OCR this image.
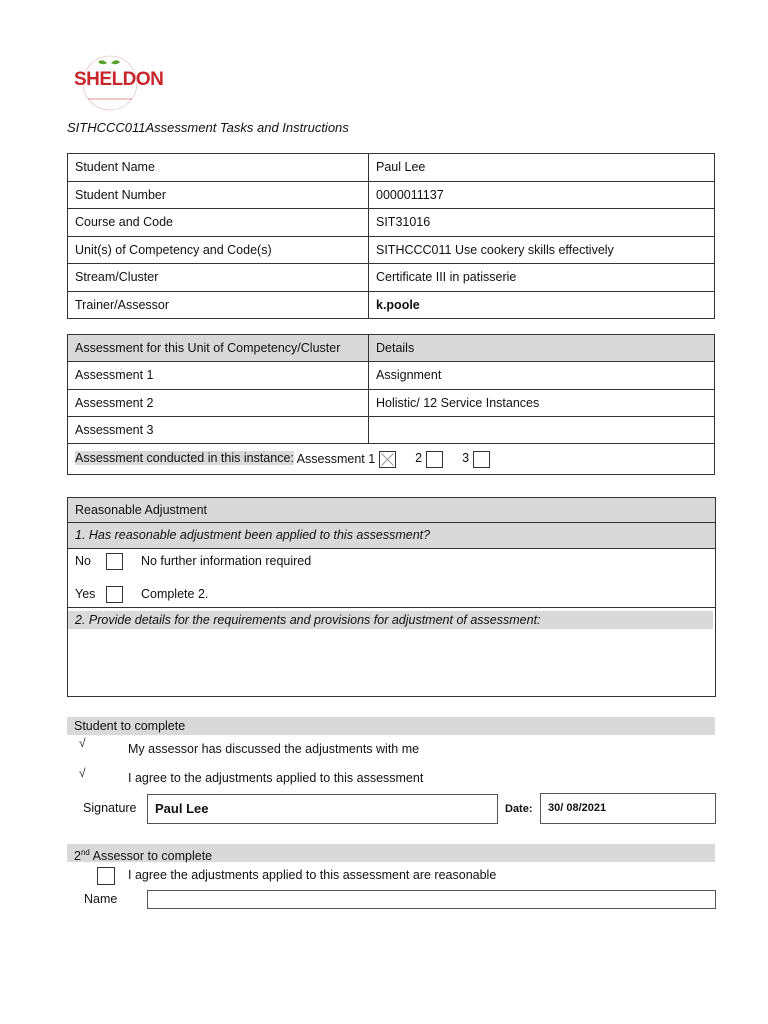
SHELDON
SITHCCC011Assessment Tasks and Instructions
Student Name	Paul Lee
Student Number	0000011137
Course and Code	SIT31016
Unit(s) of Competency and Code(s)	SITHCCC011 Use cookery skills effectively
Stream/Cluster	Certificate III in patisserie
Trainer/Assessor	k.poole
Assessment for this Unit of Competency/Cluster	Details
Assessment 1	Assignment
Assessment 2	Holistic/ 12 Service Instances
Assessment 3	
Assessment conducted in this instance: Assessment 1 2 3	
Reasonable Adjustment
1. Has reasonable adjustment been applied to this assessment?
No	No further information required
Yes	Complete 2.
2. Provide details for the requirements and provisions for adjustment of assessment:
Student to complete
√	My assessor has discussed the adjustments with me
√	I agree to the adjustments applied to this assessment
Signature	Paul Lee	Date:	30/ 08/2021
2nd Assessor to complete
I agree the adjustments applied to this assessment are reasonable
Name
